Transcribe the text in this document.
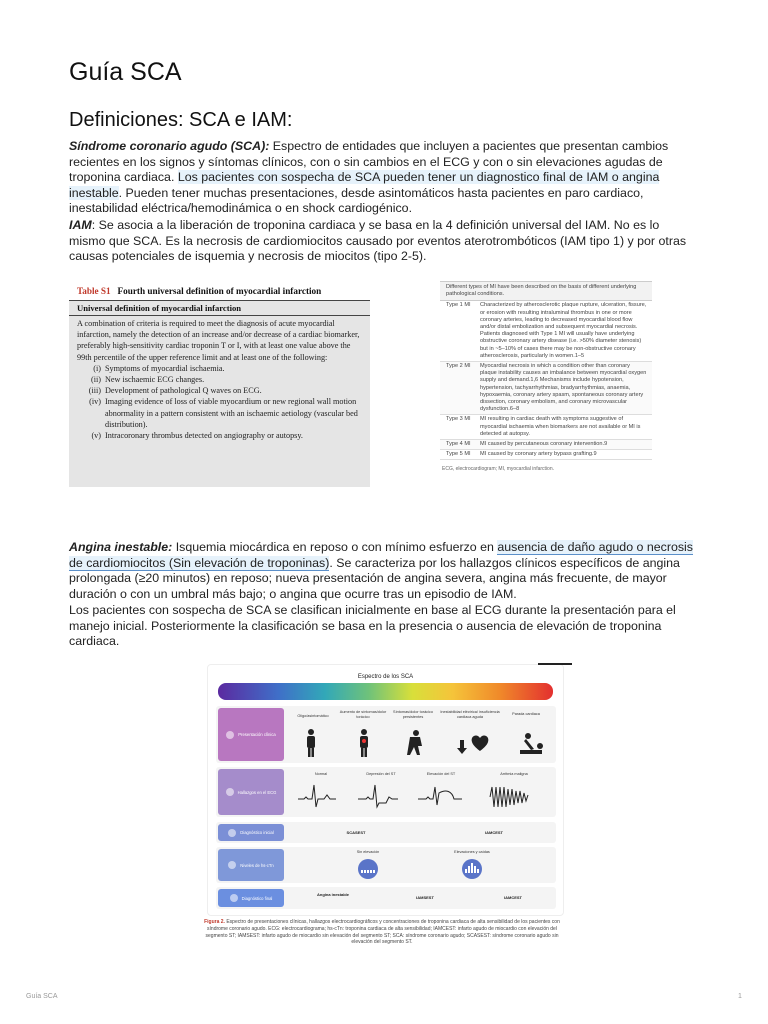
Guía SCA
Definiciones: SCA e IAM:

Síndrome coronario agudo (SCA): Espectro de entidades que incluyen a pacientes que presentan cambios recientes en los signos y síntomas clínicos, con o sin cambios en el ECG y con o sin elevaciones agudas de troponina cardiaca. Los pacientes con sospecha de SCA pueden tener un diagnostico final de IAM o angina inestable. Pueden tener muchas presentaciones, desde asintomáticos hasta pacientes en paro cardiaco, inestabilidad eléctrica/hemodinámica o en shock cardiogénico.

IAM: Se asocia a la liberación de troponina cardiaca y se basa en la 4 definición universal del IAM. No es lo mismo que SCA. Es la necrosis de cardiomiocitos causado por eventos aterotrombóticos (IAM tipo 1) y por otras causas potenciales de isquemia y necrosis de miocitos (tipo 2-5).

Table S1 Fourth universal definition of myocardial infarction
Universal definition of myocardial infarction
A combination of criteria is required to meet the diagnosis of acute myocardial infarction, namely the detection of an increase and/or decrease of a cardiac biomarker, preferably high-sensitivity cardiac troponin T or I, with at least one value above the 99th percentile of the upper reference limit and at least one of the following:
(i) Symptoms of myocardial ischaemia.
(ii) New ischaemic ECG changes.
(iii) Development of pathological Q waves on ECG.
(iv) Imaging evidence of loss of viable myocardium or new regional wall motion abnormality in a pattern consistent with an ischaemic aetiology (vascular bed distribution).
(v) Intracoronary thrombus detected on angiography or autopsy.
Different types of MI have been described on the basis of different underlying pathological conditions.
Type 1 MI	Characterized by atherosclerotic plaque rupture, ulceration, fissure, or erosion with resulting intraluminal thrombus in one or more coronary arteries, leading to decreased myocardial blood flow and/or distal embolization and subsequent myocardial necrosis. Patients diagnosed with Type 1 MI will usually have underlying obstructive coronary artery disease (i.e. >50% diameter stenosis) but in ~5–10% of cases there may be non-obstructive coronary atherosclerosis, particularly in women.1–5
Type 2 MI	Myocardial necrosis in which a condition other than coronary plaque instability causes an imbalance between myocardial oxygen supply and demand.1,6 Mechanisms include hypotension, hypertension, tachyarrhythmias, bradyarrhythmias, anaemia, hypoxaemia, coronary artery spasm, spontaneous coronary artery dissection, coronary embolism, and coronary microvascular dysfunction.6–8
Type 3 MI	MI resulting in cardiac death with symptoms suggestive of myocardial ischaemia when biomarkers are not available or MI is detected at autopsy.
Type 4 MI	MI caused by percutaneous coronary intervention.9
Type 5 MI	MI caused by coronary artery bypass grafting.9
ECG, electrocardiogram; MI, myocardial infarction.

Angina inestable: Isquemia miocárdica en reposo o con mínimo esfuerzo en ausencia de daño agudo o necrosis de cardiomiocitos (Sin elevación de troponinas). Se caracteriza por los hallazgos clínicos específicos de angina prolongada (≥20 minutos) en reposo; nueva presentación de angina severa, angina más frecuente, de mayor duración o con un umbral más bajo; o angina que ocurre tras un episodio de IAM.

Los pacientes con sospecha de SCA se clasifican inicialmente en base al ECG durante la presentación para el manejo inicial. Posteriormente la clasificación se basa en la presencia o ausencia de elevación de troponina cardiaca.

Espectro de los SCA
Presentación clínica
Oligo/asintomático
Aumento de síntomas/dolor torácico
Síntomas/dolor torácico persistentes
Inestabilidad eléctrica/ insuficiencia cardiaca aguda
Parada cardiaca
Hallazgos en el ECG
Normal	Depresión del ST	Elevación del ST	Arritmia maligna
Diagnóstico inicial	SCASEST	IAMCEST
Niveles de hs-cTn
Sin elevación	Elevaciones y caídas
Diagnóstico final
Angina inestable
IAMSEST	IAMCEST
Figura 2. Espectro de presentaciones clínicas, hallazgos electrocardiográficos y concentraciones de troponina cardiaca de alta sensibilidad de los pacientes con síndrome coronario agudo. ECG: electrocardiograma; hs-cTn: troponina cardiaca de alta sensibilidad; IAMCEST: infarto agudo de miocardio con elevación del segmento ST; IAMSEST: infarto agudo de miocardio sin elevación del segmento ST; SCA: síndrome coronario agudo; SCASEST: síndrome coronario agudo sin elevación del segmento ST.
Guía SCA	1
